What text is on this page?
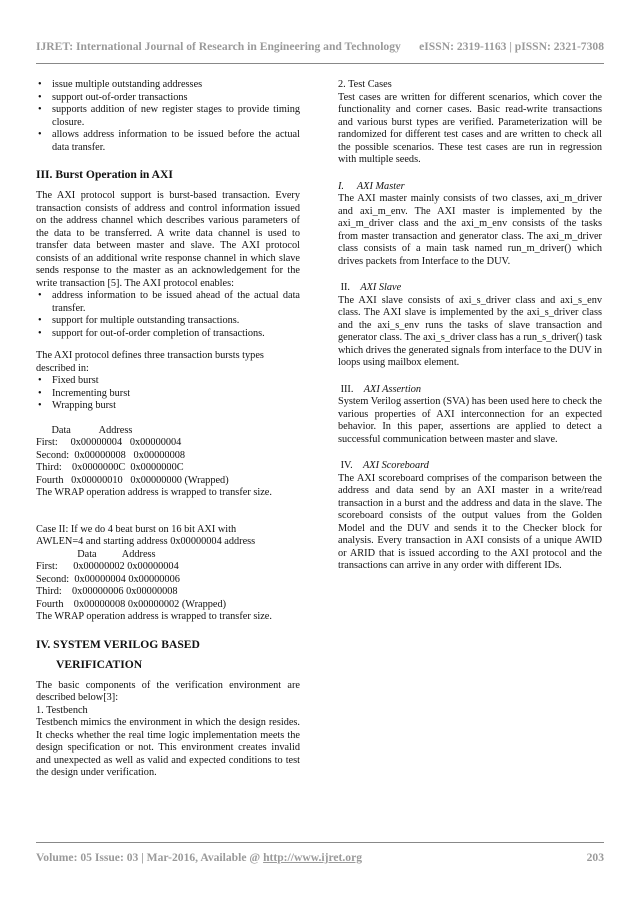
IJRET: International Journal of Research in Engineering and Technology eISSN: 2319-1163 | pISSN: 2321-7308
• issue multiple outstanding addresses
• support out-of-order transactions
• supports addition of new register stages to provide timing closure.
• allows address information to be issued before the actual data transfer.

III. Burst Operation in AXI

The AXI protocol support is burst-based transaction. Every transaction consists of address and control information issued on the address channel which describes various parameters of the data to be transferred. A write data channel is used to transfer data between master and slave. The AXI protocol consists of an additional write response channel in which slave sends response to the master as an acknowledgement for the write transaction [5]. The AXI protocol enables:

• address information to be issued ahead of the actual data transfer.
• support for multiple outstanding transactions.
• support for out-of-order completion of transactions.

The AXI protocol defines three transaction bursts types described in:

• Fixed burst
• Incrementing burst
• Wrapping burst

Data           Address

First:     0x00000004   0x00000004

Second:  0x00000008   0x00000008

Third:    0x0000000C  0x0000000C

Fourth   0x00000010   0x00000000 (Wrapped)

The WRAP operation address is wrapped to transfer size.

Case II: If we do 4 beat burst on 16 bit AXI with

AWLEN=4 and starting address 0x00000004 address

Data          Address

First:      0x00000002 0x00000004

Second:  0x00000004 0x00000006

Third:    0x00000006 0x00000008

Fourth    0x00000008 0x00000002 (Wrapped)

The WRAP operation address is wrapped to transfer size.

IV. SYSTEM VERILOG BASED

VERIFICATION

The basic components of the verification environment are described below[3]:

1. Testbench

Testbench mimics the environment in which the design resides. It checks whether the real time logic implementation meets the design specification or not. This environment creates invalid and unexpected as well as valid and expected conditions to test the design under verification.

2. Test Cases

Test cases are written for different scenarios, which cover the functionality and corner cases. Basic read-write transactions and various burst types are verified. Parameterization will be randomized for different test cases and are written to check all the possible scenarios. These test cases are run in regression with multiple seeds.

I. AXI Master

The AXI master mainly consists of two classes, axi_m_driver and axi_m_env. The AXI master is implemented by the axi_m_driver class and the axi_m_env consists of the tasks from master transaction and generator class. The axi_m_driver class consists of a main task named run_m_driver() which drives packets from Interface to the DUV.

II. AXI Slave

The AXI slave consists of axi_s_driver class and axi_s_env class. The AXI slave is implemented by the axi_s_driver class and the axi_s_env runs the tasks of slave transaction and generator class. The axi_s_driver class has a run_s_driver() task which drives the generated signals from interface to the DUV in loops using mailbox element.

III. AXI Assertion

System Verilog assertion (SVA) has been used here to check the various properties of AXI interconnection for an expected behavior. In this paper, assertions are applied to detect a successful communication between master and slave.

IV. AXI Scoreboard

The AXI scoreboard comprises of the comparison between the address and data send by an AXI master in a write/read transaction in a burst and the address and data in the slave. The scoreboard consists of the output values from the Golden Model and the DUV and sends it to the Checker block for analysis. Every transaction in AXI consists of a unique AWID or ARID that is issued according to the AXI protocol and the transactions can arrive in any order with different IDs.

Volume: 05 Issue: 03 | Mar-2016, Available @ http://www.ijret.org	203
